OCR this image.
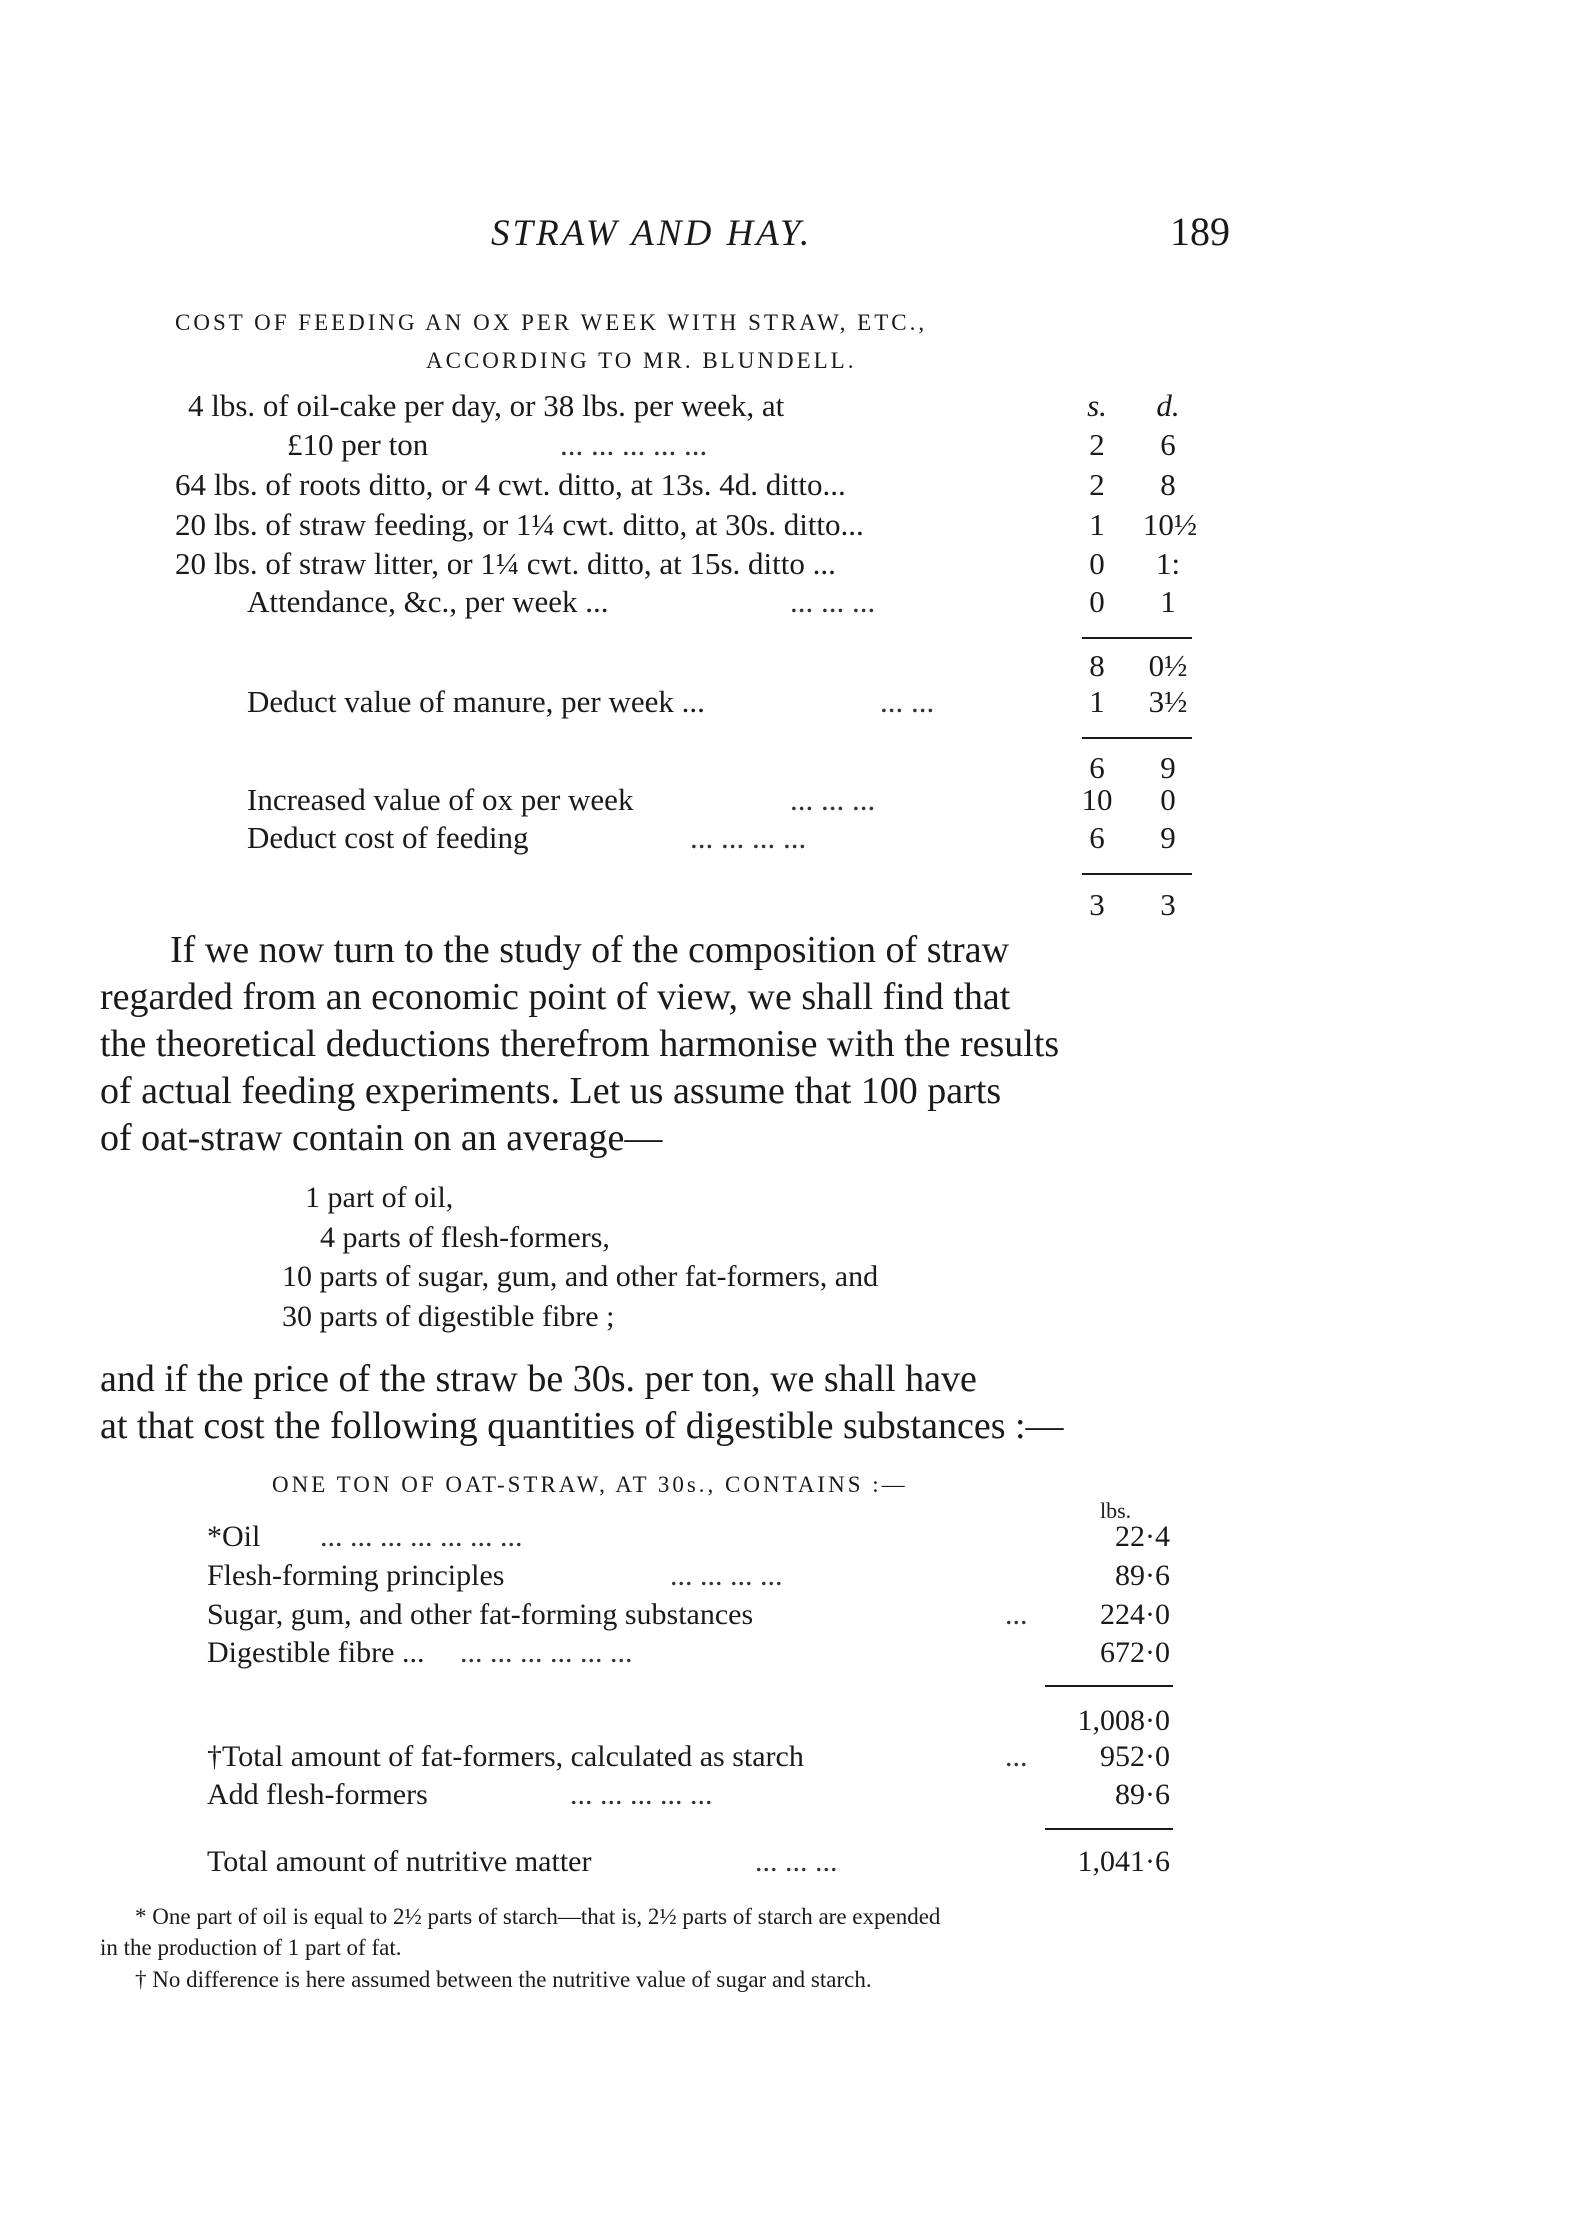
STRAW AND HAY.	189
COST OF FEEDING AN OX PER WEEK WITH STRAW, ETC.,
ACCORDING TO MR. BLUNDELL.
s. d.
4 lbs. of oil-cake per day, or 38 lbs. per week, at
£10 per ton	... ... ... ... ...	2	6
64 lbs. of roots ditto, or 4 cwt. ditto, at 13s. 4d. ditto...	2	8
20 lbs. of straw feeding, or 1¼ cwt. ditto, at 30s. ditto...	1 10½
20 lbs. of straw litter, or 1¼ cwt. ditto, at 15s. ditto ...	0 1:
Attendance, &c., per week ...	... ... ...	0	1
8 0½
Deduct value of manure, per week ...	... ...	1 3½
6	9
Increased value of ox per week	... ... ...	10	0
Deduct cost of feeding	... ... ... ...	6	9
3	3
If we now turn to the study of the composition of straw
regarded from an economic point of view, we shall find that
the theoretical deductions therefrom harmonise with the results
of actual feeding experiments. Let us assume that 100 parts
of oat-straw contain on an average—
1 part of oil,
4 parts of flesh-formers,
10 parts of sugar, gum, and other fat-formers, and
30 parts of digestible fibre ;
and if the price of the straw be 30s. per ton, we shall have
at that cost the following quantities of digestible substances :—
ONE TON OF OAT-STRAW, AT 30s., CONTAINS :—
lbs.
*Oil ... ... ... ... ... ... ...	22·4
Flesh-forming principles	... ... ... ...	89·6
Sugar, gum, and other fat-forming substances	...	224·0
Digestible fibre ... ... ... ... ... ... ...	672·0
1,008·0
†Total amount of fat-formers, calculated as starch	...	952·0
Add flesh-formers	... ... ... ... ...	89·6
Total amount of nutritive matter	... ... ...	1,041·6
* One part of oil is equal to 2½ parts of starch—that is, 2½ parts of starch are expended
in the production of 1 part of fat.
† No difference is here assumed between the nutritive value of sugar and starch.
